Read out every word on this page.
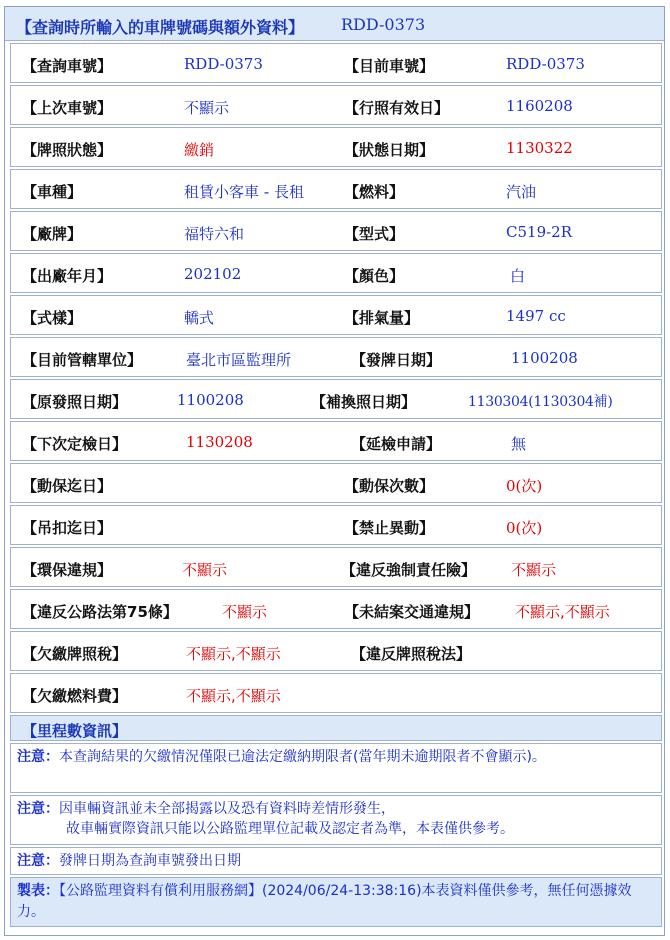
【查詢時所輸入的車牌號碼與額外資料】 RDD-0373
【查詢車號】	RDD-0373	【目前車號】	RDD-0373
【上次車號】	不顯示	【行照有效日】	1160208
【牌照狀態】	繳銷	【狀態日期】	1130322
【車種】	租賃小客車 - 長租	【燃料】	汽油
【廠牌】	福特六和	【型式】	C519-2R
【出廠年月】	202102	【顏色】	白
【式樣】	轎式	【排氣量】	1497 cc
【目前管轄單位】	臺北市區監理所	【發牌日期】	1100208
【原發照日期】	1100208	【補換照日期】	1130304(1130304補)
【下次定檢日】	1130208	【延檢申請】	無
【動保迄日】	【動保次數】	0(次)
【吊扣迄日】	【禁止異動】	0(次)
【環保違規】	不顯示	【違反強制責任險】 不顯示
【違反公路法第75條】	不顯示	【未結案交通違規】 不顯示,不顯示
【欠繳牌照稅】	不顯示,不顯示	【違反牌照稅法】
【欠繳燃料費】	不顯示,不顯示
【里程數資訊】
注意：本查詢結果的欠繳情況僅限已逾法定繳納期限者(當年期未逾期限者不會顯示)。
注意：因車輛資訊並未全部揭露以及恐有資料時差情形發生，
故車輛實際資訊只能以公路監理單位記載及認定者為準，本表僅供參考。
注意：發牌日期為查詢車號發出日期
製表：【公路監理資料有償利用服務網】(2024/06/24-13:38:16)本表資料僅供參考，無任何憑據效力。
